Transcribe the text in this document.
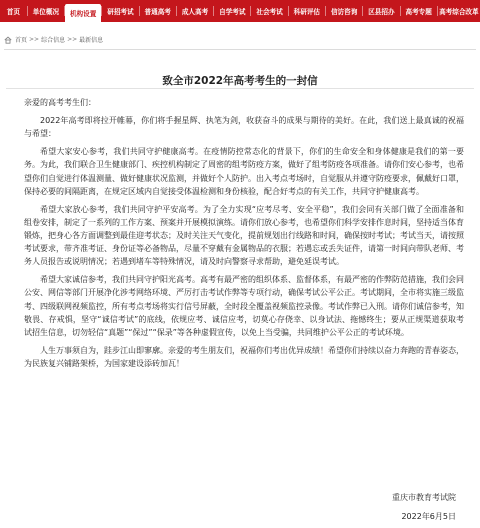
首页	单位概况	机构设置	研招考试	普通高考	成人高考	自学考试	社会考试	科研评估	信访咨询	区县招办	高考专题	高考综合改革
首页 >> 综合信息 >> 最新信息
致全市2022年高考考生的一封信

亲爱的高考考生们：

2022年高考即将拉开帷幕，你们将手握星辉、执笔为剑，收获奋斗的成果与期待的美好。在此，我们送上最真诚的祝福与希望：

希望大家安心参考，我们共同守护健康高考。在疫情防控常态化的背景下，你们的生命安全和身体健康是我们的第一要务。为此，我们联合卫生健康部门、疾控机构制定了周密的组考防疫方案，做好了组考防疫各项准备。请你们安心参考，也希望你们自觉进行体温测量、做好健康状况监测，并做好个人防护。出入考点考场时，自觉服从并遵守防疫要求，佩戴好口罩，保持必要的间隔距离，在规定区域内自觉接受体温检测和身份核验，配合好考点的有关工作，共同守护健康高考。

希望大家放心参考，我们共同守护平安高考。为了全力实现“应考尽考、安全平稳”，我们会同有关部门做了全面准备和组卷安排，制定了一系列的工作方案、预案并开展模拟演练。请你们放心参考，也希望你们科学安排作息时间，坚持适当体育锻炼，把身心各方面调整到最佳迎考状态；及时关注天气变化，提前规划出行线路和时间，确保按时考试；考试当天，请按照考试要求，带齐准考证、身份证等必备物品，尽量不穿戴有金属物品的衣服；若遇忘或丢失证件，请第一时间向带队老师、考务人员报告或说明情况；若遇到堵车等特殊情况，请及时向警察寻求帮助，避免延误考试。

希望大家诚信参考，我们共同守护阳光高考。高考有最严密的组织体系、监督体系，有最严密的作弊防范措施，我们会同公安、网信等部门开展净化涉考网络环境、严厉打击考试作弊等专项行动，确保考试公平公正。考试期间，全市将实施三级监考、四级联网视频监控，所有考点考场将实行信号屏蔽，全时段全覆盖视频监控录像。考试作弊已入刑。请你们诚信参考，知敬畏、存戒惧，坚守“诚信考试”的底线，依规应考、诚信应考，切莫心存侥幸、以身试法、拖憾终生；要从正规渠道获取考试招生信息，切勿轻信“真题”“保过”“保录”等各种虚假宣传，以免上当受骗，共同维护公平公正的考试环境。

人生万事须自为，跬步江山即寥廓。亲爱的考生朋友们，祝福你们考出优异成绩！希望你们持续以奋力奔跑的青春姿态，为民族复兴铺路架桥，为国家建设添砖加瓦！

重庆市教育考试院
2022年6月5日
